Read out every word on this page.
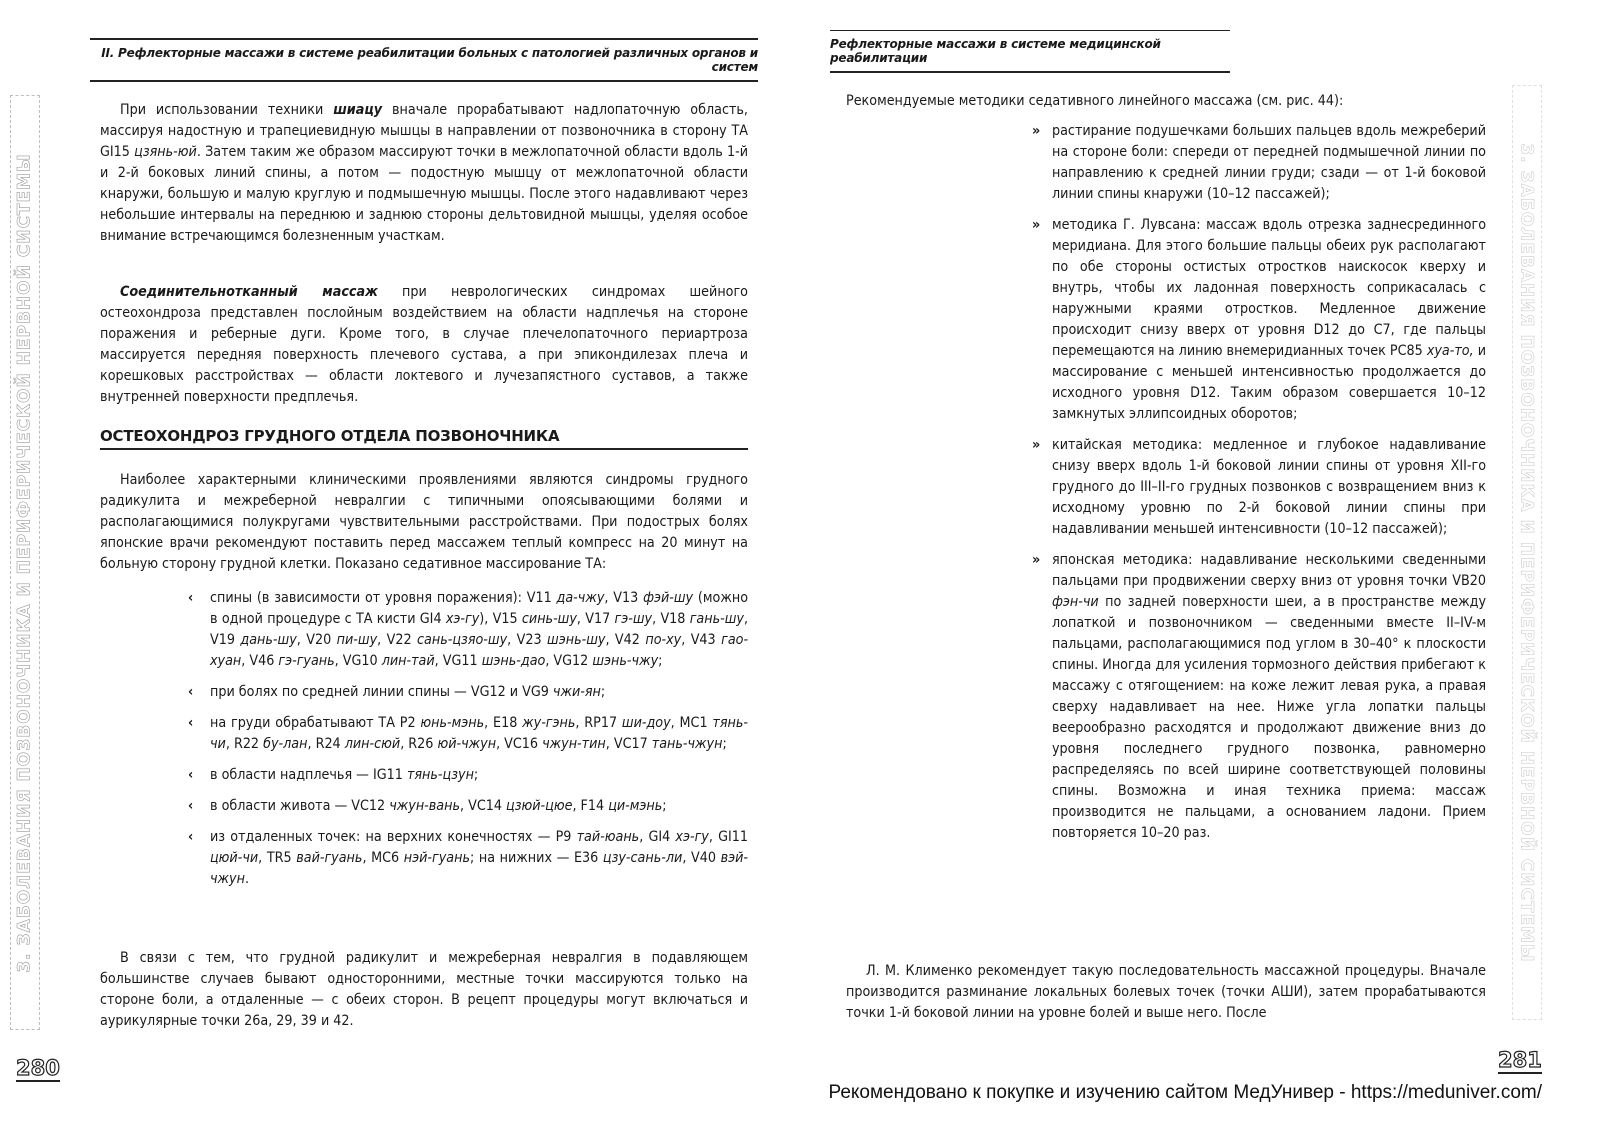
II. Рефлекторные массажи в системе реабилитации больных с патологией различных органов и систем
3. ЗАБОЛЕВАНИЯ ПОЗВОНОЧНИКА И ПЕРИФЕРИЧЕСКОЙ НЕРВНОЙ СИСТЕМЫ

При использовании техники шиацу вначале прорабатывают надлопаточную область, массируя надостную и трапециевидную мышцы в направлении от позвоночника в сторону ТА GI15 цзянь-юй. Затем таким же образом массируют точки в межлопаточной области вдоль 1-й и 2-й боковых линий спины, а потом — подостную мышцу от межлопаточной области кнаружи, большую и малую круглую и подмышечную мышцы. После этого надавливают через небольшие интервалы на переднюю и заднюю стороны дельтовидной мышцы, уделяя особое внимание встречающимся болезненным участкам.

Соединительнотканный массаж при неврологических синдромах шейного остеохондроза представлен послойным воздействием на области надплечья на стороне поражения и реберные дуги. Кроме того, в случае плечелопаточного периартроза массируется передняя поверхность плечевого сустава, а при эпикондилезах плеча и корешковых расстройствах — области локтевого и лучезапястного суставов, а также внутренней поверхности предплечья.

ОСТЕОХОНДРОЗ ГРУДНОГО ОТДЕЛА ПОЗВОНОЧНИКА

Наиболее характерными клиническими проявлениями являются синдромы грудного радикулита и межреберной невралгии с типичными опоясывающими болями и располагающимися полукругами чувствительными расстройствами. При подострых болях японские врачи рекомендуют поставить перед массажем теплый компресс на 20 минут на больную сторону грудной клетки. Показано седативное массирование ТА:

‹ спины (в зависимости от уровня поражения): V11 да-чжу, V13 фэй-шу (можно в одной процедуре с ТА кисти GI4 хэ-гу), V15 синь-шу, V17 гэ-шу, V18 гань-шу, V19 дань-шу, V20 пи-шу, V22 сань-цзяо-шу, V23 шэнь-шу, V42 по-ху, V43 гао-хуан, V46 гэ-гуань, VG10 лин-тай, VG11 шэнь-дао, VG12 шэнь-чжу;
‹ при болях по средней линии спины — VG12 и VG9 чжи-ян;
‹ на груди обрабатывают ТА P2 юнь-мэнь, E18 жу-гэнь, RP17 ши-доу, MC1 тянь-чи, R22 бу-лан, R24 лин-сюй, R26 юй-чжун, VC16 чжун-тин, VC17 тань-чжун;
‹ в области надплечья — IG11 тянь-цзун;
‹ в области живота — VC12 чжун-вань, VC14 цзюй-цюе, F14 ци-мэнь;
‹ из отдаленных точек: на верхних конечностях — P9 тай-юань, GI4 хэ-гу, GI11 цюй-чи, TR5 вай-гуань, MC6 нэй-гуань; на нижних — E36 цзу-сань-ли, V40 вэй-чжун.

В связи с тем, что грудной радикулит и межреберная невралгия в подавляющем большинстве случаев бывают односторонними, местные точки массируются только на стороне боли, а отдаленные — с обеих сторон. В рецепт процедуры могут включаться и аурикулярные точки 26а, 29, 39 и 42.

280
Рефлекторные массажи в системе медицинской реабилитации

Рекомендуемые методики седативного линейного массажа (см. рис. 44):

» растирание подушечками больших пальцев вдоль межреберий на стороне боли: спереди от передней подмышечной линии по направлению к средней линии груди; сзади — от 1-й боковой линии спины кнаружи (10–12 пассажей);
» методика Г. Лувсана: массаж вдоль отрезка заднесрединного меридиана. Для этого большие пальцы обеих рук располагают по обе стороны остистых отростков наискосок кверху и внутрь, чтобы их ладонная поверхность соприкасалась с наружными краями отростков. Медленное движение происходит снизу вверх от уровня D12 до C7, где пальцы перемещаются на линию внемеридианных точек PC85 хуа-то, и массирование с меньшей интенсивностью продолжается до исходного уровня D12. Таким образом совершается 10–12 замкнутых эллипсоидных оборотов;
» китайская методика: медленное и глубокое надавливание снизу вверх вдоль 1-й боковой линии спины от уровня XII-го грудного до III–II-го грудных позвонков с возвращением вниз к исходному уровню по 2-й боковой линии спины при надавливании меньшей интенсивности (10–12 пассажей);
» японская методика: надавливание несколькими сведенными пальцами при продвижении сверху вниз от уровня точки VB20 фэн-чи по задней поверхности шеи, а в пространстве между лопаткой и позвоночником — сведенными вместе II–IV-м пальцами, располагающимися под углом в 30–40° к плоскости спины. Иногда для усиления тормозного действия прибегают к массажу с отягощением: на коже лежит левая рука, а правая сверху надавливает на нее. Ниже угла лопатки пальцы веерообразно расходятся и продолжают движение вниз до уровня последнего грудного позвонка, равномерно распределяясь по всей ширине соответствующей половины спины. Возможна и иная техника приема: массаж производится не пальцами, а основанием ладони. Прием повторяется 10–20 раз.

Л. М. Клименко рекомендует такую последовательность массажной процедуры. Вначале производится разминание локальных болевых точек (точки АШИ), затем прорабатываются точки 1-й боковой линии на уровне болей и выше него. После

3. ЗАБОЛЕВАНИЯ ПОЗВОНОЧНИКА И ПЕРИФЕРИЧЕСКОЙ НЕРВНОЙ СИСТЕМЫ
281
Рекомендовано к покупке и изучению сайтом МедУнивер - https://meduniver.com/
